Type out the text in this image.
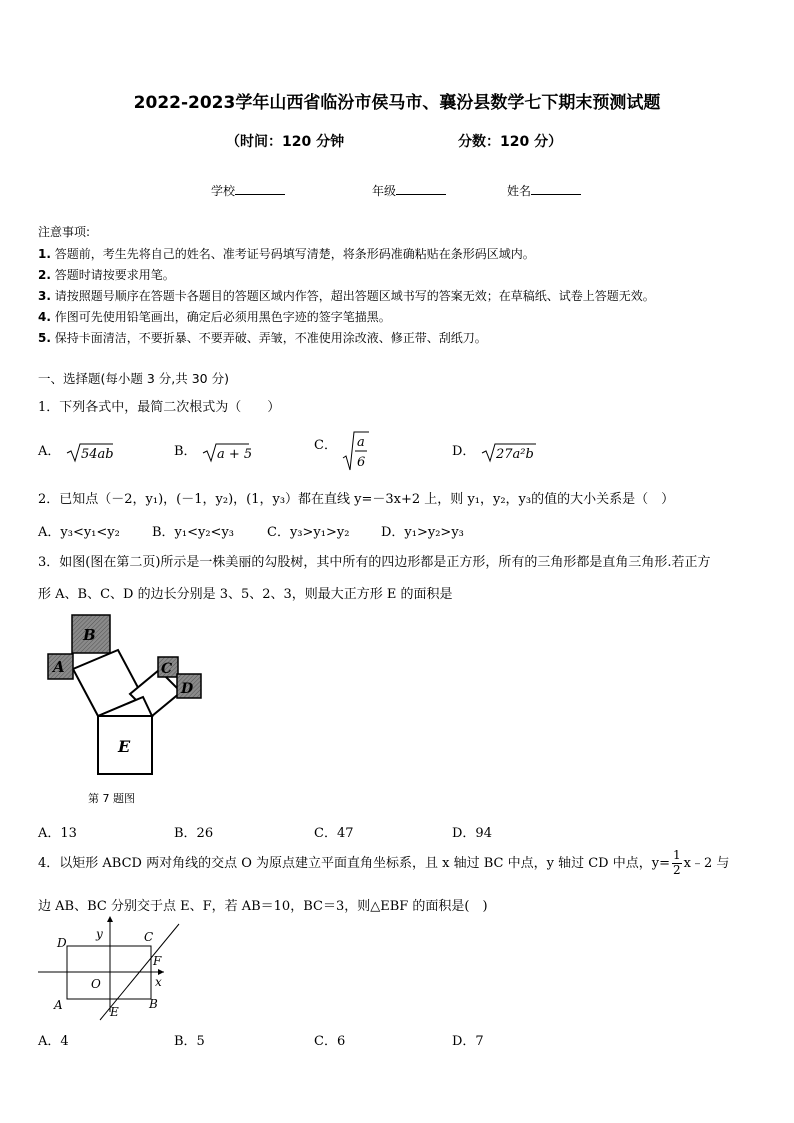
2022-2023学年山西省临汾市侯马市、襄汾县数学七下期末预测试题
（时间：120 分钟	分数：120 分）
学校	年级	姓名
注意事项:
1. 答题前，考生先将自己的姓名、准考证号码填写清楚，将条形码准确粘贴在条形码区域内。
2. 答题时请按要求用笔。
3. 请按照题号顺序在答题卡各题目的答题区域内作答，超出答题区域书写的答案无效；在草稿纸、试卷上答题无效。
4. 作图可先使用铅笔画出，确定后必须用黑色字迹的签字笔描黑。
5. 保持卡面清洁，不要折暴、不要弄破、弄皱，不准使用涂改液、修正带、刮纸刀。
一、选择题(每小题 3 分,共 30 分)
1．下列各式中，最简二次根式为（　　）
A． 54ab	B． a + 5
C． a
6
D． 27a²b
2．已知点（－2，y₁)，(－1，y₂)，(1，y₃）都在直线 y=－3x+2 上，则 y₁，y₂，y₃的值的大小关系是（　）
A．y₃<y₁<y₂ B．y₁<y₂<y₃	C．y₃>y₁>y₂ D．y₁>y₂>y₃
3．如图(图在第二页)所示是一株美丽的勾股树，其中所有的四边形都是正方形，所有的三角形都是直角三角形.若正方
形 A、B、C、D 的边长分别是 3、5、2、3，则最大正方形 E 的面积是
A
B
C
D
E
第 7 题图
A．13	B．26	C．47	D．94
4．以矩形 ABCD 两对角线的交点 O 为原点建立平面直角坐标系，且 x 轴过 BC 中点，y 轴过 CD 中点，$y= \frac{1}{2}$ x﹣2 与
边 AB、BC 分别交于点 E、F，若 AB＝10，BC＝3，则△EBF 的面积是(　)
y
D	C
F
O	x
A	B
E
A．4	B．5	C．6	D．7
